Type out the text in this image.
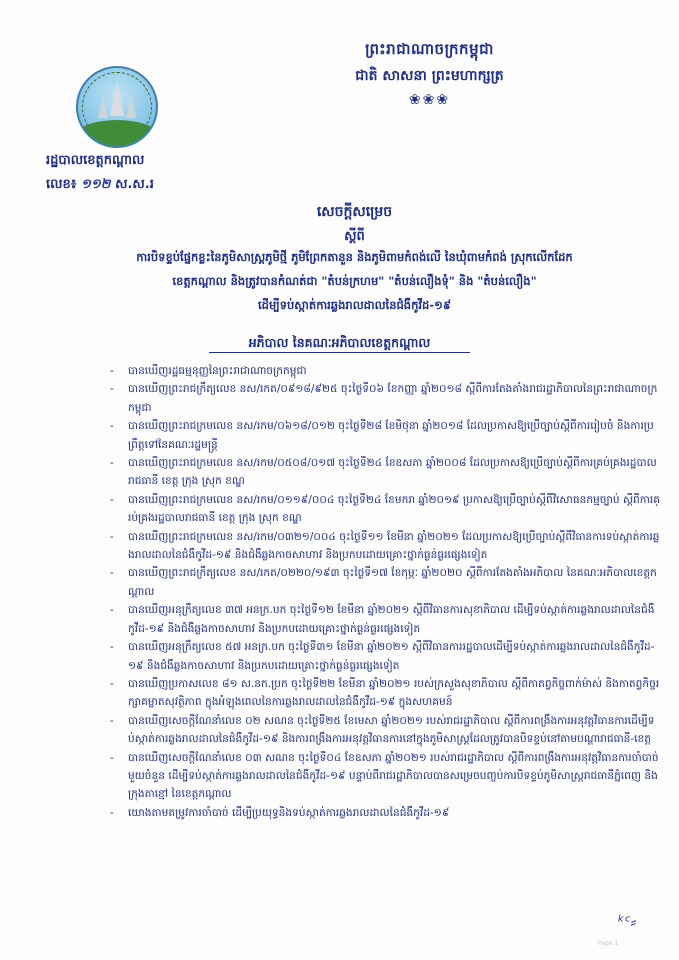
ព្រះរាជាណាចក្រកម្ពុជា
ជាតិ សាសនា ព្រះមហាក្សត្រ
❀❀❀
រដ្ឋបាលខេត្តកណ្តាល
លេខ៖ ១១២ ស.ស.រ
សេចក្តីសម្រេច
ស្តីពី
ការបិទខ្ទប់ផ្នែកខ្លះនៃភូមិសាស្ត្រភូមិថ្មី ភូមិព្រែកតានួន និងភូមិពាមកំពង់លើ នៃឃុំពាមកំពង់ ស្រុកលើកដែក
ខេត្តកណ្តាល និងត្រូវបានកំណត់ជា "តំបន់ក្រហម" "តំបន់លឿងទុំ" និង "តំបន់លឿង"
ដើម្បីទប់ស្កាត់ការឆ្លងរាលដាលនៃជំងឺកូវីដ-១៩
អភិបាល នៃគណៈអភិបាលខេត្តកណ្តាល
- បានឃើញរដ្ឋធម្មនុញ្ញនៃព្រះរាជាណាចក្រកម្ពុជា
- បានឃើញព្រះរាជក្រឹត្យលេខ នស/រកត/០៩១៨/៩២៥ ចុះថ្ងៃទី០៦ ខែកញ្ញា ឆ្នាំ២០១៨ ស្តីពីការតែងតាំងរាជរដ្ឋាភិបាលនៃព្រះរាជាណាចក្រកម្ពុជា
- បានឃើញព្រះរាជក្រមលេខ នស/រកម/០៦១៨/០១២ ចុះថ្ងៃទី២៨ ខែមិថុនា ឆ្នាំ២០១៨ ដែលប្រកាសឱ្យប្រើច្បាប់ស្តីពីការរៀបចំ និងការប្រព្រឹត្តទៅនៃគណៈរដ្ឋមន្ត្រី
- បានឃើញព្រះរាជក្រមលេខ នស/រកម/០៥០៨/០១៧ ចុះថ្ងៃទី២៤ ខែឧសភា ឆ្នាំ២០០៨ ដែលប្រកាសឱ្យប្រើច្បាប់ស្តីពីការគ្រប់គ្រងរដ្ឋបាលរាជធានី ខេត្ត ក្រុង ស្រុក ខណ្ឌ
- បានឃើញព្រះរាជក្រមលេខ នស/រកម/០១១៩/០០៤ ចុះថ្ងៃទី២៤ ខែមករា ឆ្នាំ២០១៩ ប្រកាសឱ្យប្រើច្បាប់ស្តីពីវិសោធនកម្មច្បាប់ ស្តីពីការគ្រប់គ្រងរដ្ឋបាលរាជធានី ខេត្ត ក្រុង ស្រុក ខណ្ឌ
- បានឃើញព្រះរាជក្រមលេខ នស/រកម/០៣២១/០០៤ ចុះថ្ងៃទី១១ ខែមីនា ឆ្នាំ២០២១ ដែលប្រកាសឱ្យប្រើច្បាប់ស្តីពីវិធានការទប់ស្កាត់ការឆ្លងរាលដាលនៃជំងឺកូវីដ-១៩ និងជំងឺឆ្លងកាចសាហាវ និងប្រកបដោយគ្រោះថ្នាក់ធ្ងន់ធ្ងរផ្សេងទៀត
- បានឃើញព្រះរាជក្រឹត្យលេខ នស/រកត/០២២០/១៩៣ ចុះថ្ងៃទី១៧ ខែកុម្ភៈ ឆ្នាំ២០២០ ស្តីពីការតែងតាំងអភិបាល នៃគណៈអភិបាលខេត្តកណ្តាល
- បានឃើញអនុក្រឹត្យលេខ ៣៧ អនក្រ.បក ចុះថ្ងៃទី១២ ខែមីនា ឆ្នាំ២០២១ ស្តីពីវិធានការសុខាភិបាល ដើម្បីទប់ស្កាត់ការឆ្លងរាលដាលនៃជំងឺកូវីដ-១៩ និងជំងឺឆ្លងកាចសាហាវ និងប្រកបដោយគ្រោះថ្នាក់ធ្ងន់ធ្ងរផ្សេងទៀត
- បានឃើញអនុក្រឹត្យលេខ ៥៧ អនក្រ.បក ចុះថ្ងៃទី៣១ ខែមីនា ឆ្នាំ២០២១ ស្តីពីវិធានការរដ្ឋបាលដើម្បីទប់ស្កាត់ការឆ្លងរាលដាលនៃជំងឺកូវីដ-១៩ និងជំងឺឆ្លងកាចសាហាវ និងប្រកបដោយគ្រោះថ្នាក់ធ្ងន់ធ្ងរផ្សេងទៀត
- បានឃើញប្រកាសលេខ ៨១ ស.នក.ប្រក ចុះថ្ងៃទី២២ ខែមីនា ឆ្នាំ២០២១ របស់ក្រសួងសុខាភិបាល ស្តីពីកាតព្វកិច្ចពាក់ម៉ាស់ និងកាតព្វកិច្ចរក្សាគម្លាតសុវត្ថិភាព ក្នុងអំឡុងពេលនៃការឆ្លងរាលដាលនៃជំងឺកូវីដ-១៩ ក្នុងសហគមន៍
- បានឃើញសេចក្តីណែនាំលេខ ០២ សណន ចុះថ្ងៃទី២៥ ខែមេសា ឆ្នាំ២០២១ របស់រាជរដ្ឋាភិបាល ស្តីពីការពង្រឹងការអនុវត្តវិធានការដើម្បីទប់ស្កាត់ការឆ្លងរាលដាលនៃជំងឺកូវីដ-១៩ និងការពង្រឹងការអនុវត្តវិធានការនៅក្នុងភូមិសាស្ត្រដែលត្រូវបានបិទខ្ទប់នៅតាមបណ្តារាជធានី-ខេត្ត
- បានឃើញសេចក្តីណែនាំលេខ ០៣ សណន ចុះថ្ងៃទី០៤ ខែឧសភា ឆ្នាំ២០២១ របស់រាជរដ្ឋាភិបាល ស្តីពីការពង្រឹងការអនុវត្តវិធានការចាំបាច់មួយចំនួន ដើម្បីទប់ស្កាត់ការឆ្លងរាលដាលនៃជំងឺកូវីដ-១៩ បន្ទាប់ពីរាជរដ្ឋាភិបាលបានសម្រេចបញ្ចប់ការបិទខ្ទប់ភូមិសាស្ត្ររាជធានីភ្នំពេញ និងក្រុងតាខ្មៅ នៃខេត្តកណ្តាល
- យោងតាមតម្រូវការចាំបាច់ ដើម្បីប្រយុទ្ធនិងទប់ស្កាត់ការឆ្លងរាលដាលនៃជំងឺកូវីដ-១៩
ᵏᶜ⸗
Page 1
